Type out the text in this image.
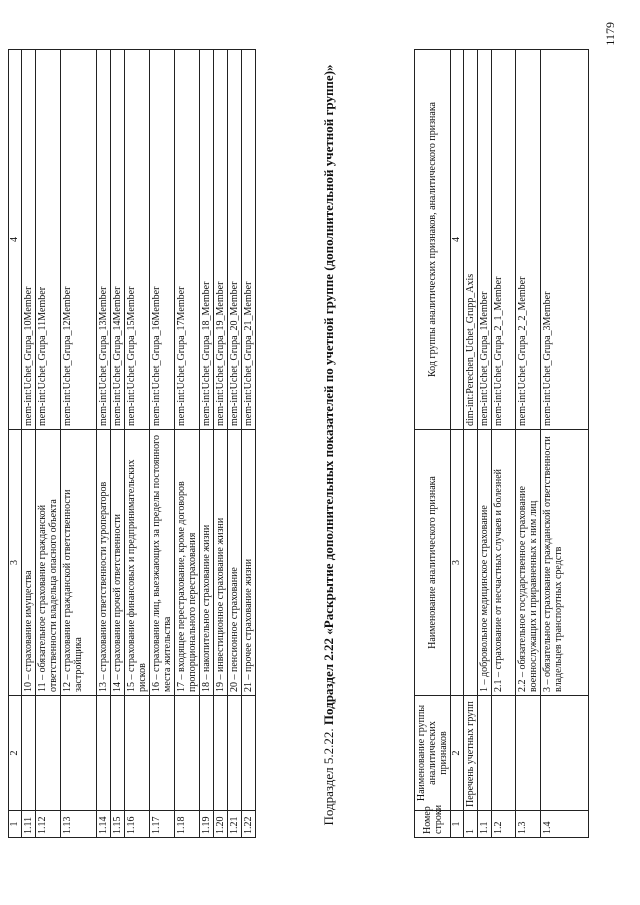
1	2	3	4
1.11		10 – страхование имущества	mem-int:Uchet_Grupa_10Member
1.12		11 – обязательное страхование гражданской ответственности владельца опасного объекта	mem-int:Uchet_Grupa_11Member
1.13		12 – страхование гражданской ответственности застройщика	mem-int:Uchet_Grupa_12Member
1.14		13 – страхование ответственности туроператоров	mem-int:Uchet_Grupa_13Member
1.15		14 – страхование прочей ответственности	mem-int:Uchet_Grupa_14Member
1.16		15 – страхование финансовых и предпринимательских рисков	mem-int:Uchet_Grupa_15Member
1.17		16 – страхование лиц, выезжающих за пределы постоянного места жительства	mem-int:Uchet_Grupa_16Member
1.18		17 – входящее перестрахование, кроме договоров пропорционального перестрахования	mem-int:Uchet_Grupa_17Member
1.19		18 – накопительное страхование жизни	mem-int:Uchet_Grupa_18_Member
1.20		19 – инвестиционное страхование жизни	mem-int:Uchet_Grupa_19_Member
1.21		20 – пенсионное страхование	mem-int:Uchet_Grupa_20_Member
1.22		21 – прочее страхование жизни	mem-int:Uchet_Grupa_21_Member
Подраздел 5.2.22. Подраздел 2.22 «Раскрытие дополнительных показателей по учетной группе (дополнительной учетной группе)»
Номер строки	Наименование группы аналитических признаков	Наименование аналитического признака	Код группы аналитических признаков, аналитического признака
1	2	3	4
1	Перечень учетных групп		dim-int:Perechen_Uchet_Grupp_Axis
1.1		1 – добровольное медицинское страхование	mem-int:Uchet_Grupa_1Member
1.2		2.1 – страхование от несчастных случаев и болезней	mem-int:Uchet_Grupa_2_1_Member
1.3		2.2 – обязательное государственное страхование военнослужащих и приравненных к ним лиц	mem-int:Uchet_Grupa_2_2_Member
1.4		3 – обязательное страхование гражданской ответственности владельцев транспортных средств	mem-int:Uchet_Grupa_3Member
1179
